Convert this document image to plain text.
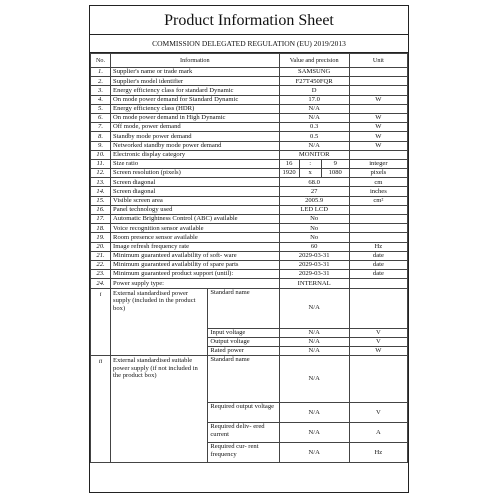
Product Information Sheet
COMMISSION DELEGATED REGULATION (EU) 2019/2013
No.	Information		Value and precision			Unit
1.	Supplier's name or trade mark		SAMSUNG			
2.	Supplier's model identifier		F27T450FQR			
3.	Energy efficiency class for standard Dynamic		D			
4.	On mode power demand for Standard Dynamic		17.0			W
5.	Energy efficiency class (HDR)		N/A			
6.	On mode power demand in High Dynamic		N/A			W
7.	Off mode, power demand		0.3			W
8.	Standby mode power demand		0.5			W
9.	Networked standby mode power demand		N/A			W
10.	Electronic display category		MONITOR			
11.	Size ratio		16	:	9	integer
12.	Screen resolution (pixels)		1920	x	1080	pixels
13.	Screen diagonal		68.0			cm
14.	Screen diagonal		27			inches
15.	Visible screen area		2005.9			cm²
16.	Panel technology used		LED LCD			
17.	Automatic Brightness Control (ABC) available		No			
18.	Voice recognition sensor available		No			
19.	Room presence sensor available		No			
20.	Image refresh frequency rate		60			Hz
21.	Minimum guaranteed availability of soft- ware		2029-03-31			date
22.	Minimum guaranteed availability of spare parts		2029-03-31			date
23.	Minimum guaranteed product support (until):		2029-03-31			date
24.	Power supply type:		INTERNAL			
i	External standardised power supply (included in the product box)	Standard name	N/A			
		Input voltage	N/A			V
		Output voltage	N/A			V
		Rated power	N/A			W
ii	External standardised suitable power supply (if not included in the product box)	Standard name	N/A			
		Required output voltage	N/A			V
		Required deliv- ered current	N/A			A
		Required cur- rent frequency	N/A			Hz
